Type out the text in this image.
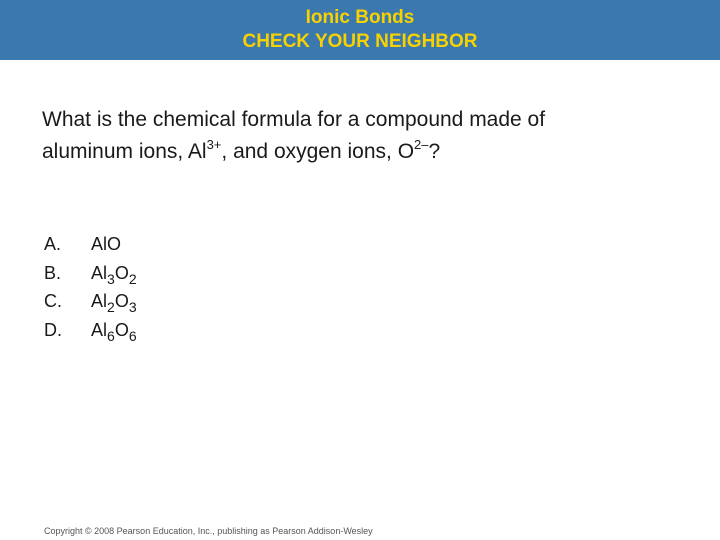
Ionic Bonds
CHECK YOUR NEIGHBOR
What is the chemical formula for a compound made of
aluminum ions, $Al^{3+}$, and oxygen ions, $O^{2-}$?
A.	AlO
B.	$Al_3O_2$
C.	$Al_2O_3$
D.	$Al_6O_6$
Copyright © 2008 Pearson Education, Inc., publishing as Pearson Addison-Wesley
